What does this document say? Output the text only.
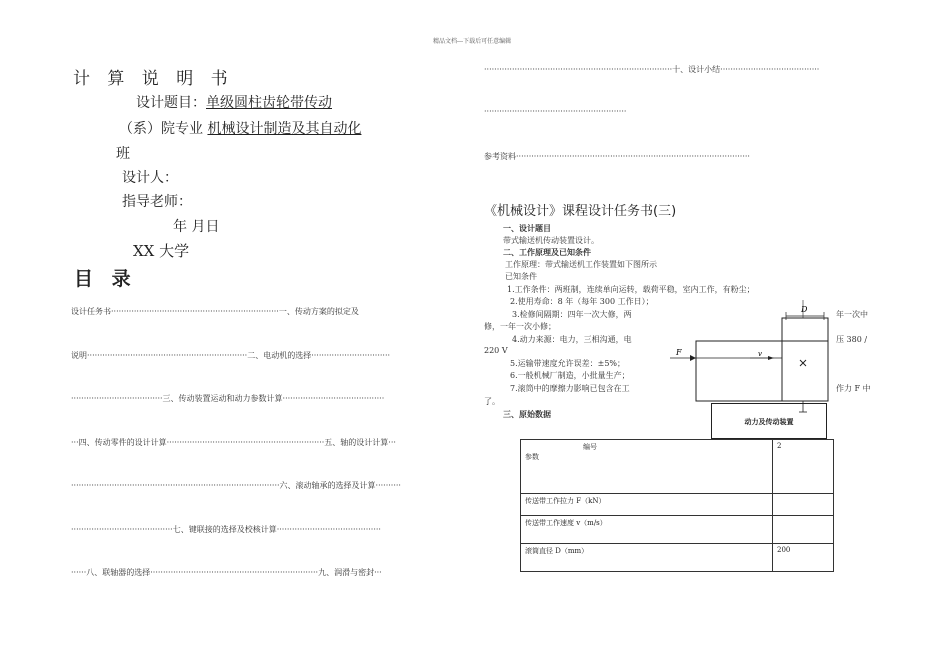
精品文档---下载后可任意编辑
计 算 说 明 书
设计题目：单级圆柱齿轮带传动
（系）院专业 机械设计制造及其自动化
班
设计人：
指导老师：
年 月日
XX 大学
目 录
设计任务书··································································一、传动方案的拟定及
说明·······························································二、电动机的选择·······························
····································三、传动装置运动和动力参数计算········································
···四、传动零件的设计计算······························································五、轴的设计计算···
··················································································六、滚动轴承的选择及计算··········
········································七、键联接的选择及校核计算·········································
······八、联轴器的选择··································································九、润滑与密封···
··········································································十、设计小结·······································
························································
参考资料····························································································
《机械设计》课程设计任务书(三)
一、设计题目
带式输送机传动装置设计。
二、工作原理及已知条件
工作原理：带式输送机工作装置如下图所示
已知条件
1.工作条件：两班制，连续单向运转，载荷平稳，室内工作，有粉尘；
2.使用寿命：8 年（每年 300 工作日）；
3.检修间隔期：四年一次大修，两	年一次中
修，一年一次小修；
4.动力来源：电力，三相沟通，电	压 380 /
220 V
5.运输带速度允许误差：±5%；
6.一般机械厂制造，小批量生产；
7.滚筒中的摩擦力影响已包含在工	作力 F 中
了。
三、原始数据
D
F	v
动力及传动装置
编号
参数	2
传送带工作拉力 F（kN）	
传送带工作速度 v（m/s）	
滚筒直径 D（mm）	200
